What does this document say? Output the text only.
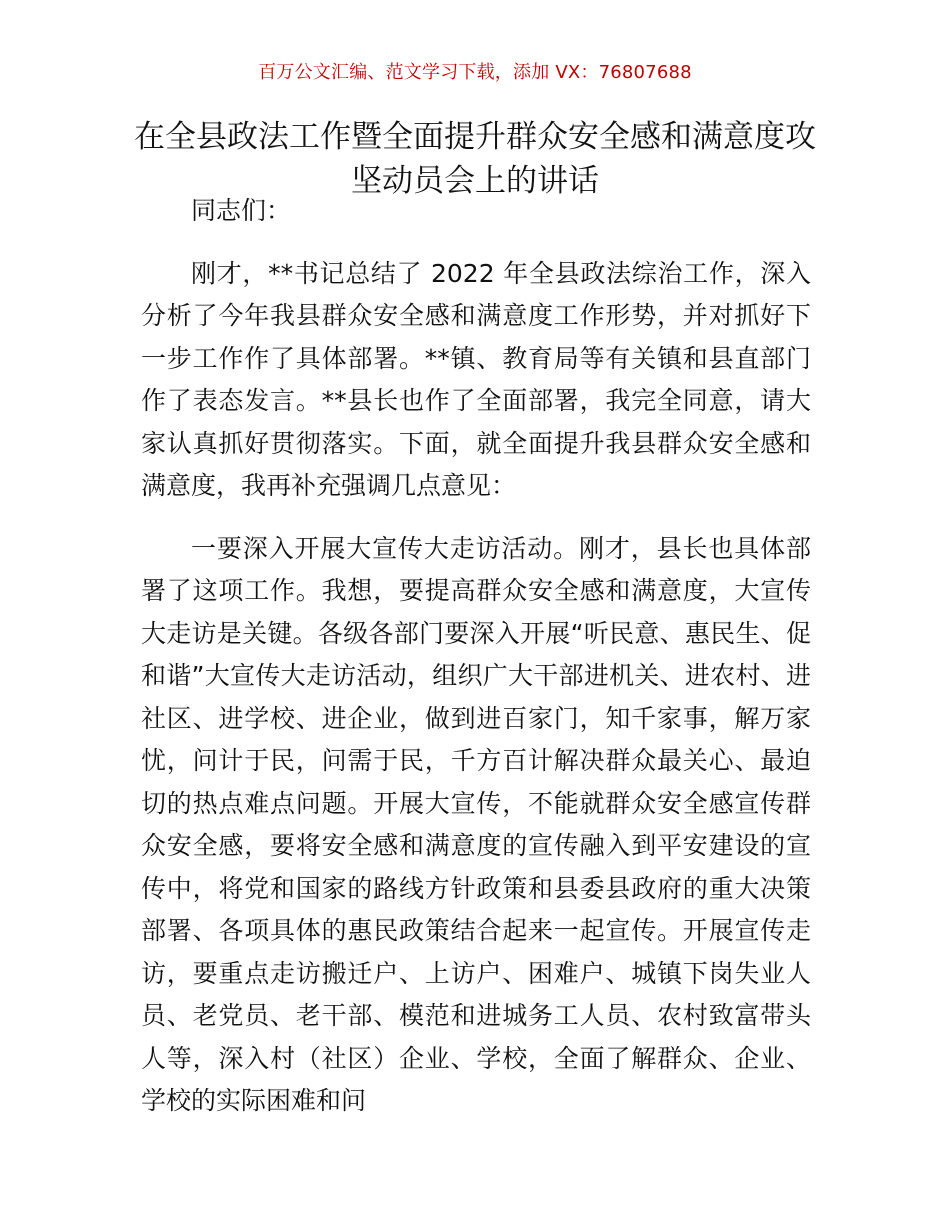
百万公文汇编、范文学习下载，添加 VX：76807688
在全县政法工作暨全面提升群众安全感和满意度攻坚动员会上的讲话

同志们：

刚才，**书记总结了 2022 年全县政法综治工作，深入分析了今年我县群众安全感和满意度工作形势，并对抓好下一步工作作了具体部署。**镇、教育局等有关镇和县直部门作了表态发言。**县长也作了全面部署，我完全同意，请大家认真抓好贯彻落实。下面，就全面提升我县群众安全感和满意度，我再补充强调几点意见：

一要深入开展大宣传大走访活动。刚才，县长也具体部署了这项工作。我想，要提高群众安全感和满意度，大宣传大走访是关键。各级各部门要深入开展“听民意、惠民生、促和谐”大宣传大走访活动，组织广大干部进机关、进农村、进社区、进学校、进企业，做到进百家门，知千家事，解万家忧，问计于民，问需于民，千方百计解决群众最关心、最迫切的热点难点问题。开展大宣传，不能就群众安全感宣传群众安全感，要将安全感和满意度的宣传融入到平安建设的宣传中，将党和国家的路线方针政策和县委县政府的重大决策部署、各项具体的惠民政策结合起来一起宣传。开展宣传走访，要重点走访搬迁户、上访户、困难户、城镇下岗失业人员、老党员、老干部、模范和进城务工人员、农村致富带头人等，深入村（社区）企业、学校，全面了解群众、企业、学校的实际困难和问
